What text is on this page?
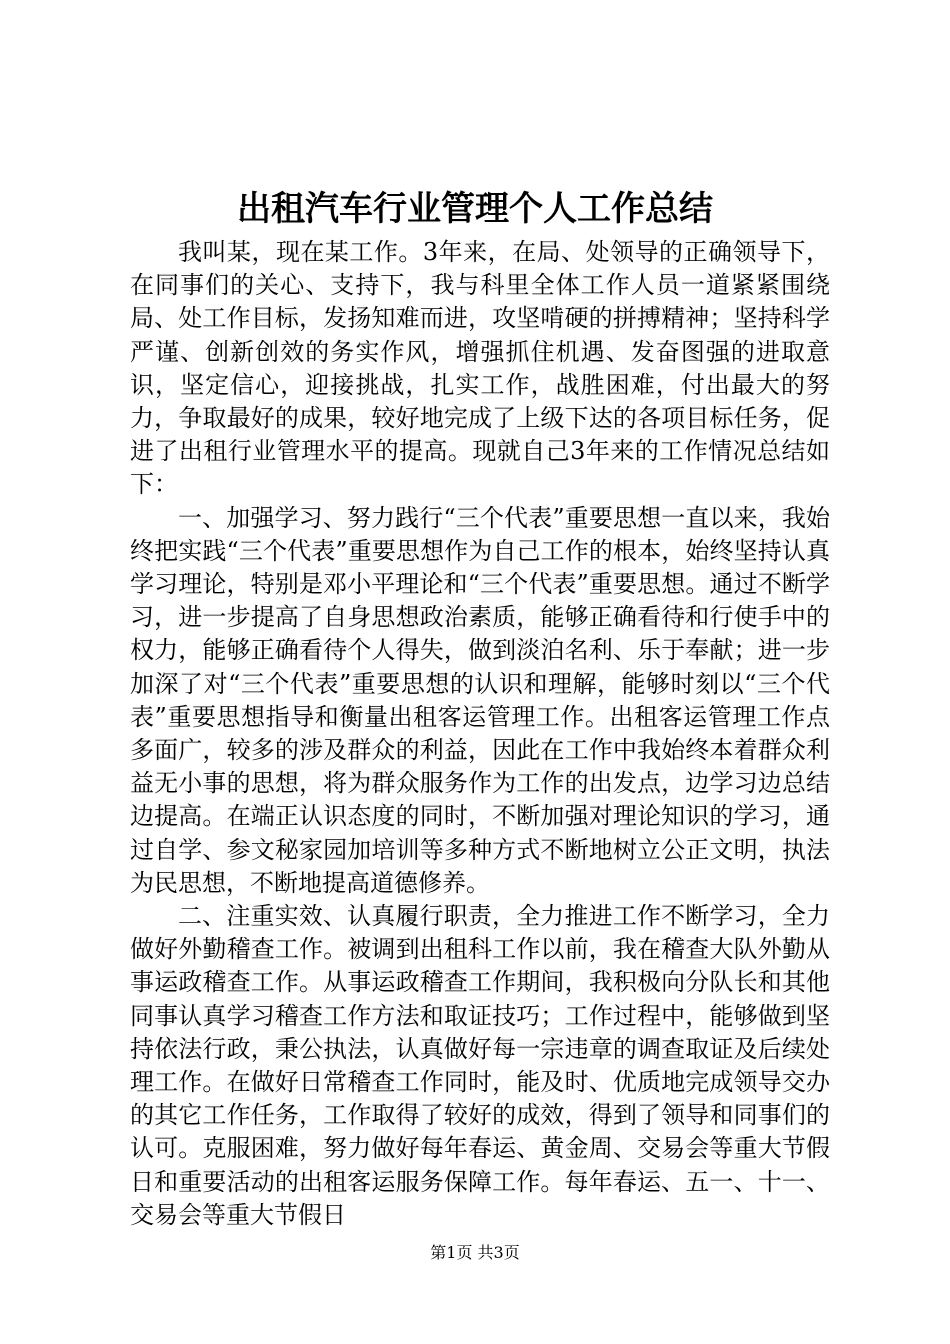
出租汽车行业管理个人工作总结

我叫某，现在某工作。3年来，在局、处领导的正确领导下，在同事们的关心、支持下，我与科里全体工作人员一道紧紧围绕局、处工作目标，发扬知难而进，攻坚啃硬的拼搏精神；坚持科学严谨、创新创效的务实作风，增强抓住机遇、发奋图强的进取意识，坚定信心，迎接挑战，扎实工作，战胜困难，付出最大的努力，争取最好的成果，较好地完成了上级下达的各项目标任务，促进了出租行业管理水平的提高。现就自己3年来的工作情况总结如下：

一、加强学习、努力践行“三个代表”重要思想一直以来，我始终把实践“三个代表”重要思想作为自己工作的根本，始终坚持认真学习理论，特别是邓小平理论和“三个代表”重要思想。通过不断学习，进一步提高了自身思想政治素质，能够正确看待和行使手中的权力，能够正确看待个人得失，做到淡泊名利、乐于奉献；进一步加深了对“三个代表”重要思想的认识和理解，能够时刻以“三个代表”重要思想指导和衡量出租客运管理工作。出租客运管理工作点多面广，较多的涉及群众的利益，因此在工作中我始终本着群众利益无小事的思想，将为群众服务作为工作的出发点，边学习边总结边提高。在端正认识态度的同时，不断加强对理论知识的学习，通过自学、参文秘家园加培训等多种方式不断地树立公正文明，执法为民思想，不断地提高道德修养。

二、注重实效、认真履行职责，全力推进工作不断学习，全力做好外勤稽查工作。被调到出租科工作以前，我在稽查大队外勤从事运政稽查工作。从事运政稽查工作期间，我积极向分队长和其他同事认真学习稽查工作方法和取证技巧；工作过程中，能够做到坚持依法行政，秉公执法，认真做好每一宗违章的调查取证及后续处理工作。在做好日常稽查工作同时，能及时、优质地完成领导交办的其它工作任务，工作取得了较好的成效，得到了领导和同事们的认可。克服困难，努力做好每年春运、黄金周、交易会等重大节假日和重要活动的出租客运服务保障工作。每年春运、五一、十一、交易会等重大节假日

第1页 共3页
